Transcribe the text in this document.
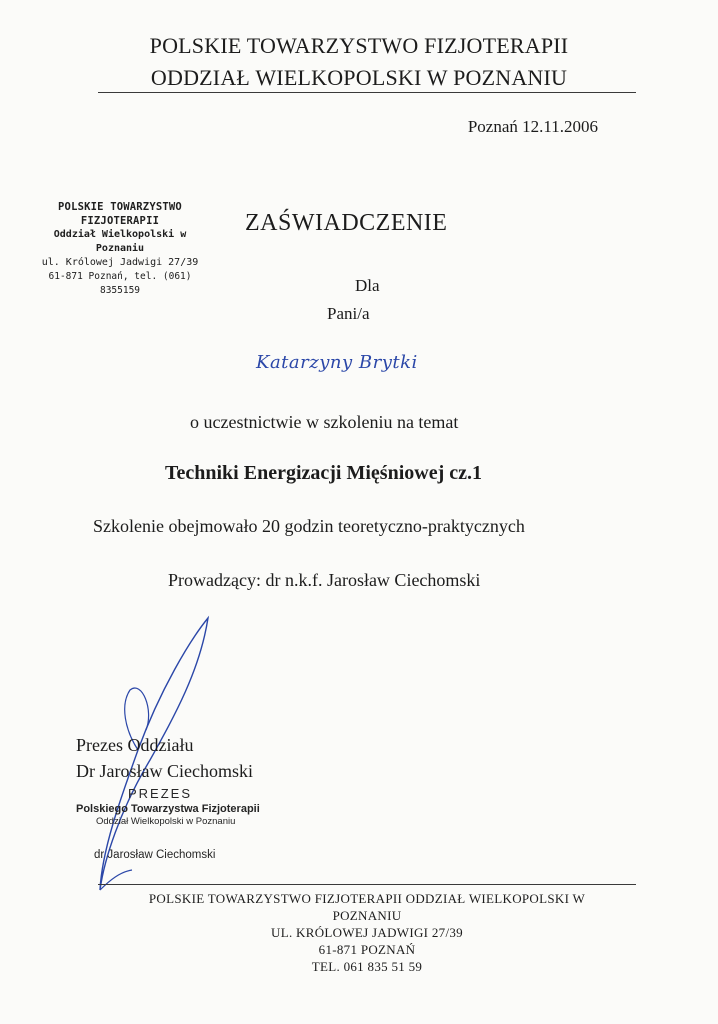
POLSKIE TOWARZYSTWO FIZJOTERAPII
ODDZIAŁ WIELKOPOLSKI W POZNANIU
Poznań 12.11.2006
POLSKIE TOWARZYSTWO FIZJOTERAPII
Oddział Wielkopolski w Poznaniu
ul. Królowej Jadwigi 27/39
61-871 Poznań, tel. (061) 8355159
ZAŚWIADCZENIE
Dla
Pani/a
Katarzyny Brytki
o uczestnictwie w szkoleniu na temat
Techniki Energizacji Mięśniowej cz.1
Szkolenie obejmowało 20 godzin teoretyczno-praktycznych
Prowadzący: dr n.k.f. Jarosław Ciechomski
Prezes Oddziału
Dr Jarosław Ciechomski
PREZES
Polskiego Towarzystwa Fizjoterapii
Oddział Wielkopolski w Poznaniu
dr Jarosław Ciechomski
POLSKIE TOWARZYSTWO FIZJOTERAPII ODDZIAŁ WIELKOPOLSKI W
POZNANIU
UL. KRÓLOWEJ JADWIGI 27/39
61-871 POZNAŃ
TEL. 061 835 51 59
